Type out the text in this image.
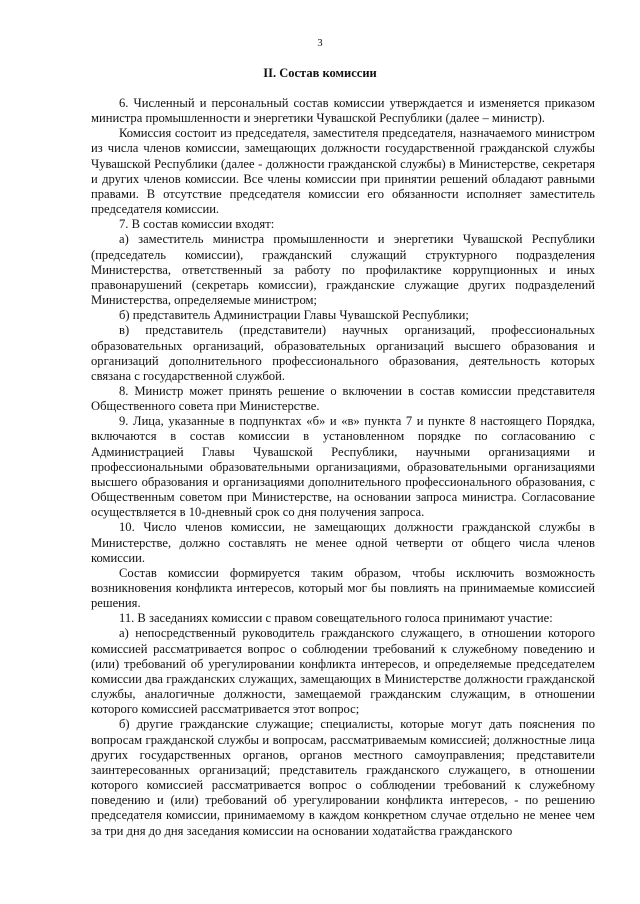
3
II. Состав комиссии

6. Численный и персональный состав комиссии утверждается и изменяется приказом министра промышленности и энергетики Чувашской Республики (далее – министр).

Комиссия состоит из председателя, заместителя председателя, назначаемого министром из числа членов комиссии, замещающих должности государственной гражданской службы Чувашской Республики (далее - должности гражданской службы) в Министерстве, секретаря и других членов комиссии. Все члены комиссии при принятии решений обладают равными правами. В отсутствие председателя комиссии его обязанности исполняет заместитель председателя комиссии.

7. В состав комиссии входят:

а) заместитель министра промышленности и энергетики Чувашской Республики (председатель комиссии), гражданский служащий структурного подразделения Министерства, ответственный за работу по профилактике коррупционных и иных правонарушений (секретарь комиссии), гражданские служащие других подразделений Министерства, определяемые министром;

б) представитель Администрации Главы Чувашской Республики;

в) представитель (представители) научных организаций, профессиональных образовательных организаций, образовательных организаций высшего образования и организаций дополнительного профессионального образования, деятельность которых связана с государственной службой.

8. Министр может принять решение о включении в состав комиссии представителя Общественного совета при Министерстве.

9. Лица, указанные в подпунктах «б» и «в» пункта 7 и пункте 8 настоящего Порядка, включаются в состав комиссии в установленном порядке по согласованию с Администрацией Главы Чувашской Республики, научными организациями и профессиональными образовательными организациями, образовательными организациями высшего образования и организациями дополнительного профессионального образования, с Общественным советом при Министерстве, на основании запроса министра. Согласование осуществляется в 10-дневный срок со дня получения запроса.

10. Число членов комиссии, не замещающих должности гражданской службы в Министерстве, должно составлять не менее одной четверти от общего числа членов комиссии.

Состав комиссии формируется таким образом, чтобы исключить возможность возникновения конфликта интересов, который мог бы повлиять на принимаемые комиссией решения.

11. В заседаниях комиссии с правом совещательного голоса принимают участие:

а) непосредственный руководитель гражданского служащего, в отношении которого комиссией рассматривается вопрос о соблюдении требований к служебному поведению и (или) требований об урегулировании конфликта интересов, и определяемые председателем комиссии два гражданских служащих, замещающих в Министерстве должности гражданской службы, аналогичные должности, замещаемой гражданским служащим, в отношении которого комиссией рассматривается этот вопрос;

б) другие гражданские служащие; специалисты, которые могут дать пояснения по вопросам гражданской службы и вопросам, рассматриваемым комиссией; должностные лица других государственных органов, органов местного самоуправления; представители заинтересованных организаций; представитель гражданского служащего, в отношении которого комиссией рассматривается вопрос о соблюдении требований к служебному поведению и (или) требований об урегулировании конфликта интересов, - по решению председателя комиссии, принимаемому в каждом конкретном случае отдельно не менее чем за три дня до дня заседания комиссии на основании ходатайства гражданского
